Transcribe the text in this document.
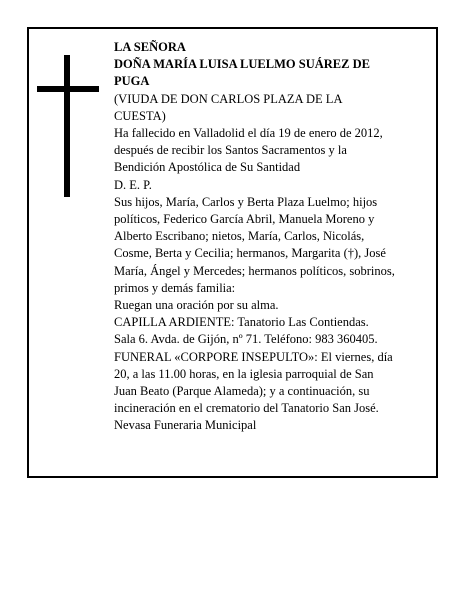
LA SEÑORA
DOÑA MARÍA LUISA LUELMO SUÁREZ DE
PUGA
(VIUDA DE DON CARLOS PLAZA DE LA
CUESTA)
Ha fallecido en Valladolid el día 19 de enero de 2012,
después de recibir los Santos Sacramentos y la
Bendición Apostólica de Su Santidad
D. E. P.
Sus hijos, María, Carlos y Berta Plaza Luelmo; hijos
políticos, Federico García Abril, Manuela Moreno y
Alberto Escribano; nietos, María, Carlos, Nicolás,
Cosme, Berta y Cecilia; hermanos, Margarita (†), José
María, Ángel y Mercedes; hermanos políticos, sobrinos,
primos y demás familia:
Ruegan una oración por su alma.
CAPILLA ARDIENTE: Tanatorio Las Contiendas.
Sala 6. Avda. de Gijón, nº 71. Teléfono: 983 360405.
FUNERAL «CORPORE INSEPULTO»: El viernes, día
20, a las 11.00 horas, en la iglesia parroquial de San
Juan Beato (Parque Alameda); y a continuación, su
incineración en el crematorio del Tanatorio San José.
Nevasa Funeraria Municipal
